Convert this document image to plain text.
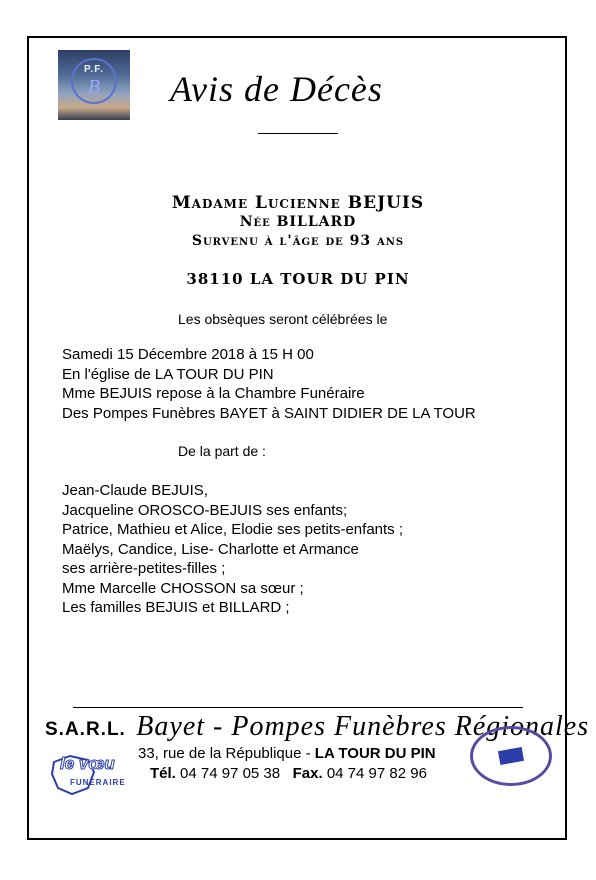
P.F.
B	Avis de Décès
Madame Lucienne BEJUIS
Née BILLARD
Survenu à l'âge de 93 ans
38110 LA TOUR DU PIN
Les obsèques seront célébrées le
Samedi 15 Décembre 2018 à 15 H 00
En l'église de LA TOUR DU PIN
Mme BEJUIS repose à la Chambre Funéraire
Des Pompes Funèbres BAYET à SAINT DIDIER DE LA TOUR
De la part de :
Jean-Claude BEJUIS,
Jacqueline OROSCO-BEJUIS ses enfants;
Patrice, Mathieu et Alice, Elodie ses petits-enfants ;
Maëlys, Candice, Lise- Charlotte et Armance
ses arrière-petites-filles ;
Mme Marcelle CHOSSON sa sœur ;
Les familles BEJUIS et BILLARD ;
S.A.R.L. Bayet - Pompes Funèbres Régionales
le vœu
FUNÉRAIRE
33, rue de la République - LA TOUR DU PIN
Tél. 04 74 97 05 38 Fax. 04 74 97 82 96
